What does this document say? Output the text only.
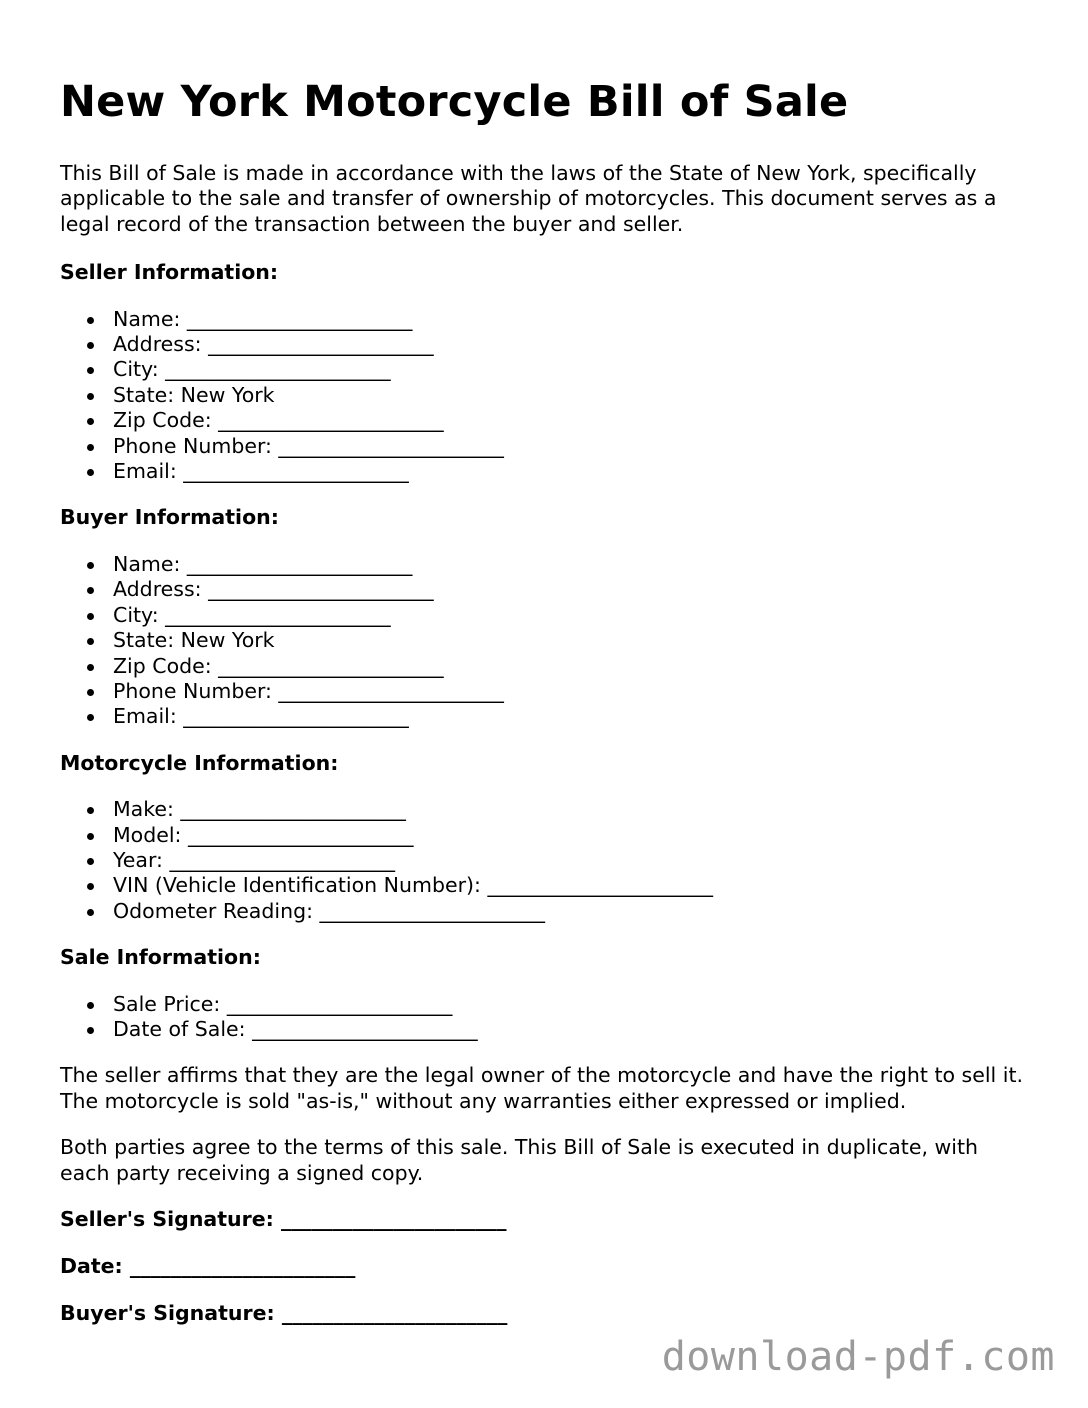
New York Motorcycle Bill of Sale

This Bill of Sale is made in accordance with the laws of the State of New York, specifically applicable to the sale and transfer of ownership of motorcycles. This document serves as a legal record of the transaction between the buyer and seller.

Seller Information:
Name: ______________________
Address: ______________________
City: ______________________
State: New York
Zip Code: ______________________
Phone Number: ______________________
Email: ______________________
Buyer Information:
Name: ______________________
Address: ______________________
City: ______________________
State: New York
Zip Code: ______________________
Phone Number: ______________________
Email: ______________________
Motorcycle Information:
Make: ______________________
Model: ______________________
Year: ______________________
VIN (Vehicle Identification Number): ______________________
Odometer Reading: ______________________
Sale Information:
Sale Price: ______________________
Date of Sale: ______________________

The seller affirms that they are the legal owner of the motorcycle and have the right to sell it. The motorcycle is sold "as-is," without any warranties either expressed or implied.

Both parties agree to the terms of this sale. This Bill of Sale is executed in duplicate, with each party receiving a signed copy.

Seller's Signature: ______________________
Date: ______________________
Buyer's Signature: ______________________
download-pdf.com
